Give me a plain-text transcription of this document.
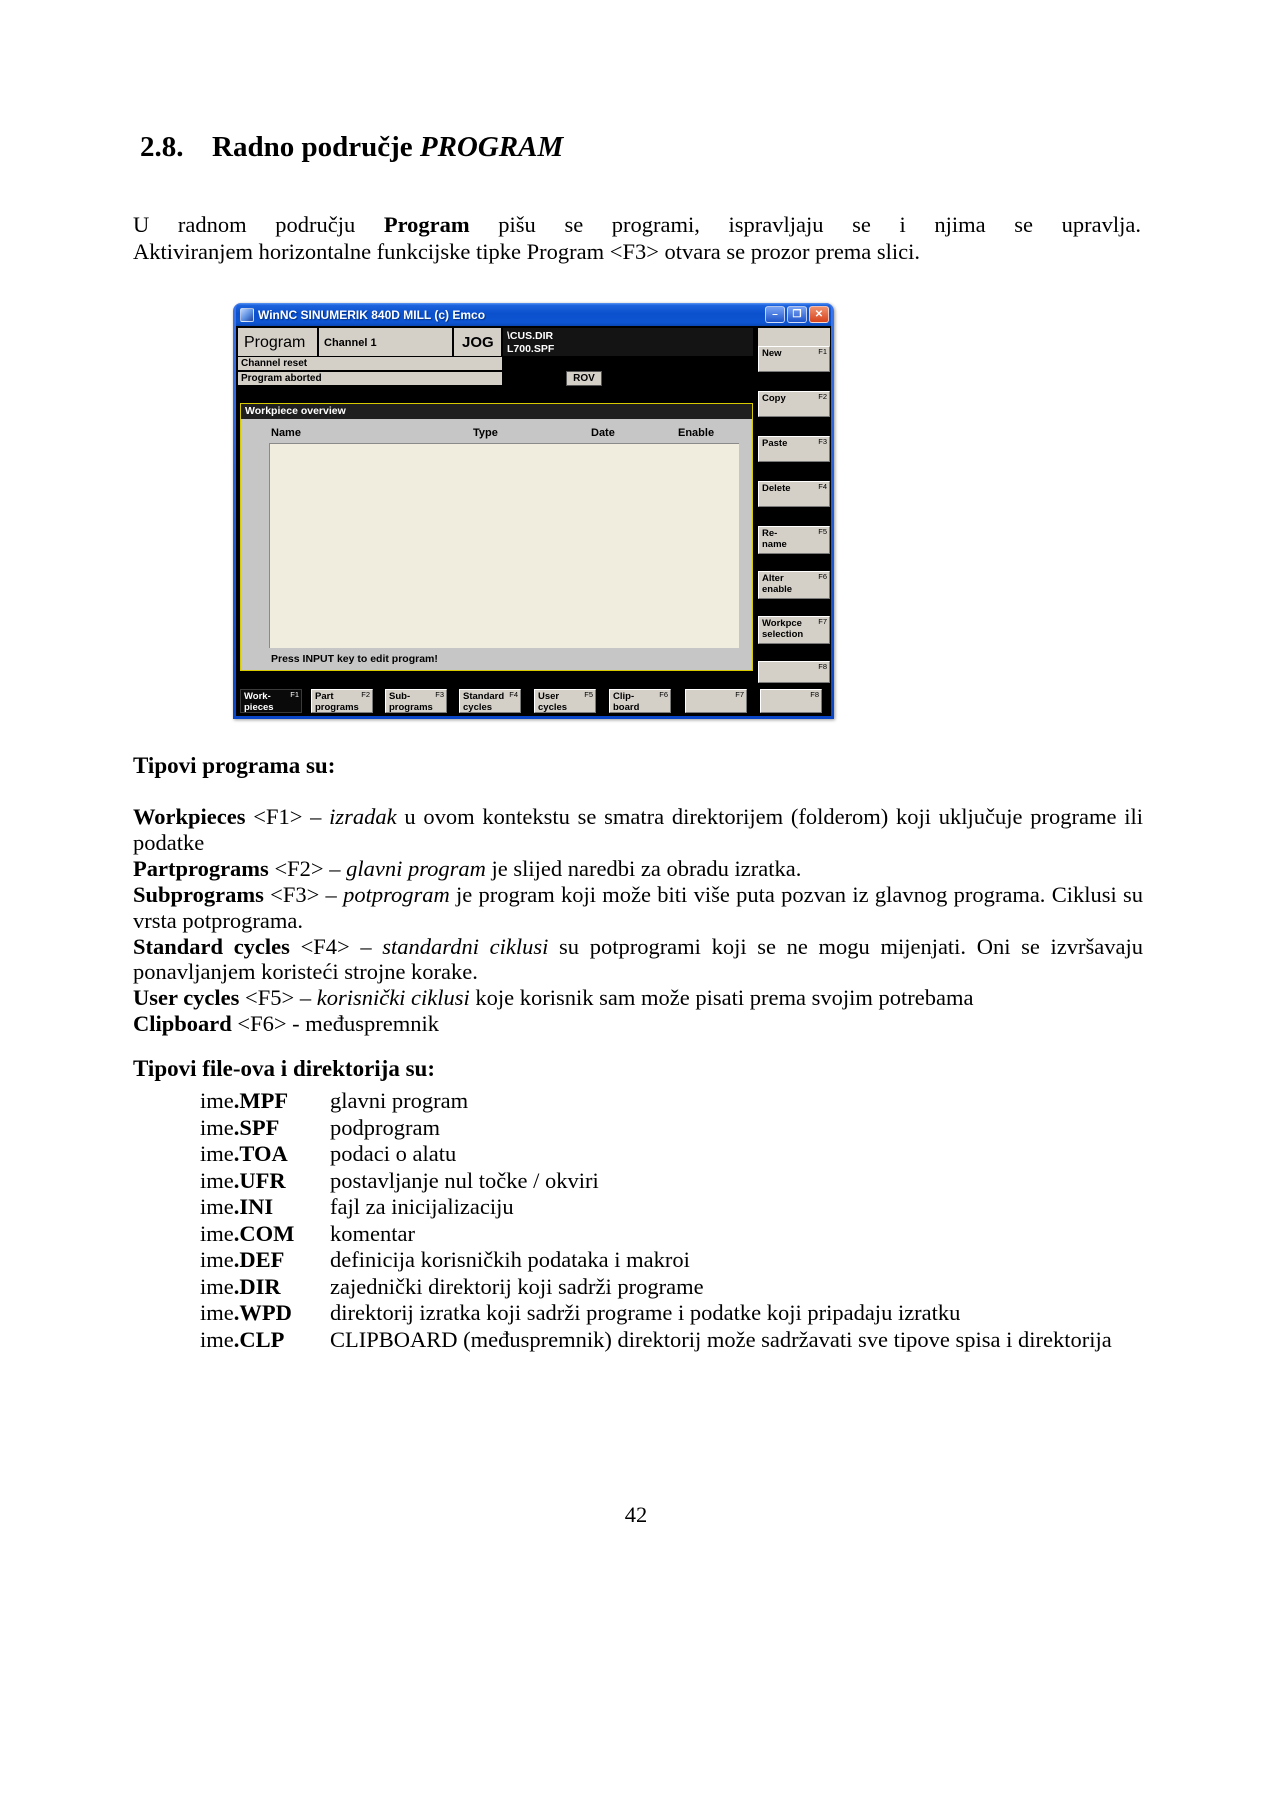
2.8. Radno područje PROGRAM
U radnom području Program pišu se programi, ispravljaju se i njima se upravlja.
Aktiviranjem horizontalne funkcijske tipke Program <F3> otvara se prozor prema slici.
WinNC SINUMERIK 840D MILL (c) Emco	–	❐	✕
Program	Channel 1	JOG	\CUS.DIR
L700.SPF
Channel reset
Program aborted	ROV
Workpiece overview
Name	Type	Date	Enable
Press INPUT key to edit program!
F1
New

F2
Copy

F3
Paste

F4
Delete

F5
Re-
name
F6
Alter
enable
F7
Workpce
selection
F8
F1
Work-
pieces
F2
Part
programs
F3
Sub-
programs
F4
Standard
cycles
F5
User
cycles
F6
Clip-
board
F7	F8
Tipovi programa su:

Workpieces <F1> – izradak u ovom kontekstu se smatra direktorijem (folderom) koji uključuje programe ili podatke

Partprograms <F2> – glavni program je slijed naredbi za obradu izratka.

Subprograms <F3> – potprogram je program koji može biti više puta pozvan iz glavnog programa. Ciklusi su vrsta potprograma.

Standard cycles <F4> – standardni ciklusi su potprogrami koji se ne mogu mijenjati. Oni se izvršavaju ponavljanjem koristeći strojne korake.

User cycles <F5> – korisnički ciklusi koje korisnik sam može pisati prema svojim potrebama

Clipboard <F6> - međuspremnik

Tipovi file-ova i direktorija su:
ime.MPF	glavni program
ime.SPF	podprogram
ime.TOA	podaci o alatu
ime.UFR	postavljanje nul točke / okviri
ime.INI	fajl za inicijalizaciju
ime.COM	komentar
ime.DEF	definicija korisničkih podataka i makroi
ime.DIR	zajednički direktorij koji sadrži programe
ime.WPD	direktorij izratka koji sadrži programe i podatke koji pripadaju izratku
ime.CLP	CLIPBOARD (međuspremnik) direktorij može sadržavati sve tipove spisa i direktorija
42
